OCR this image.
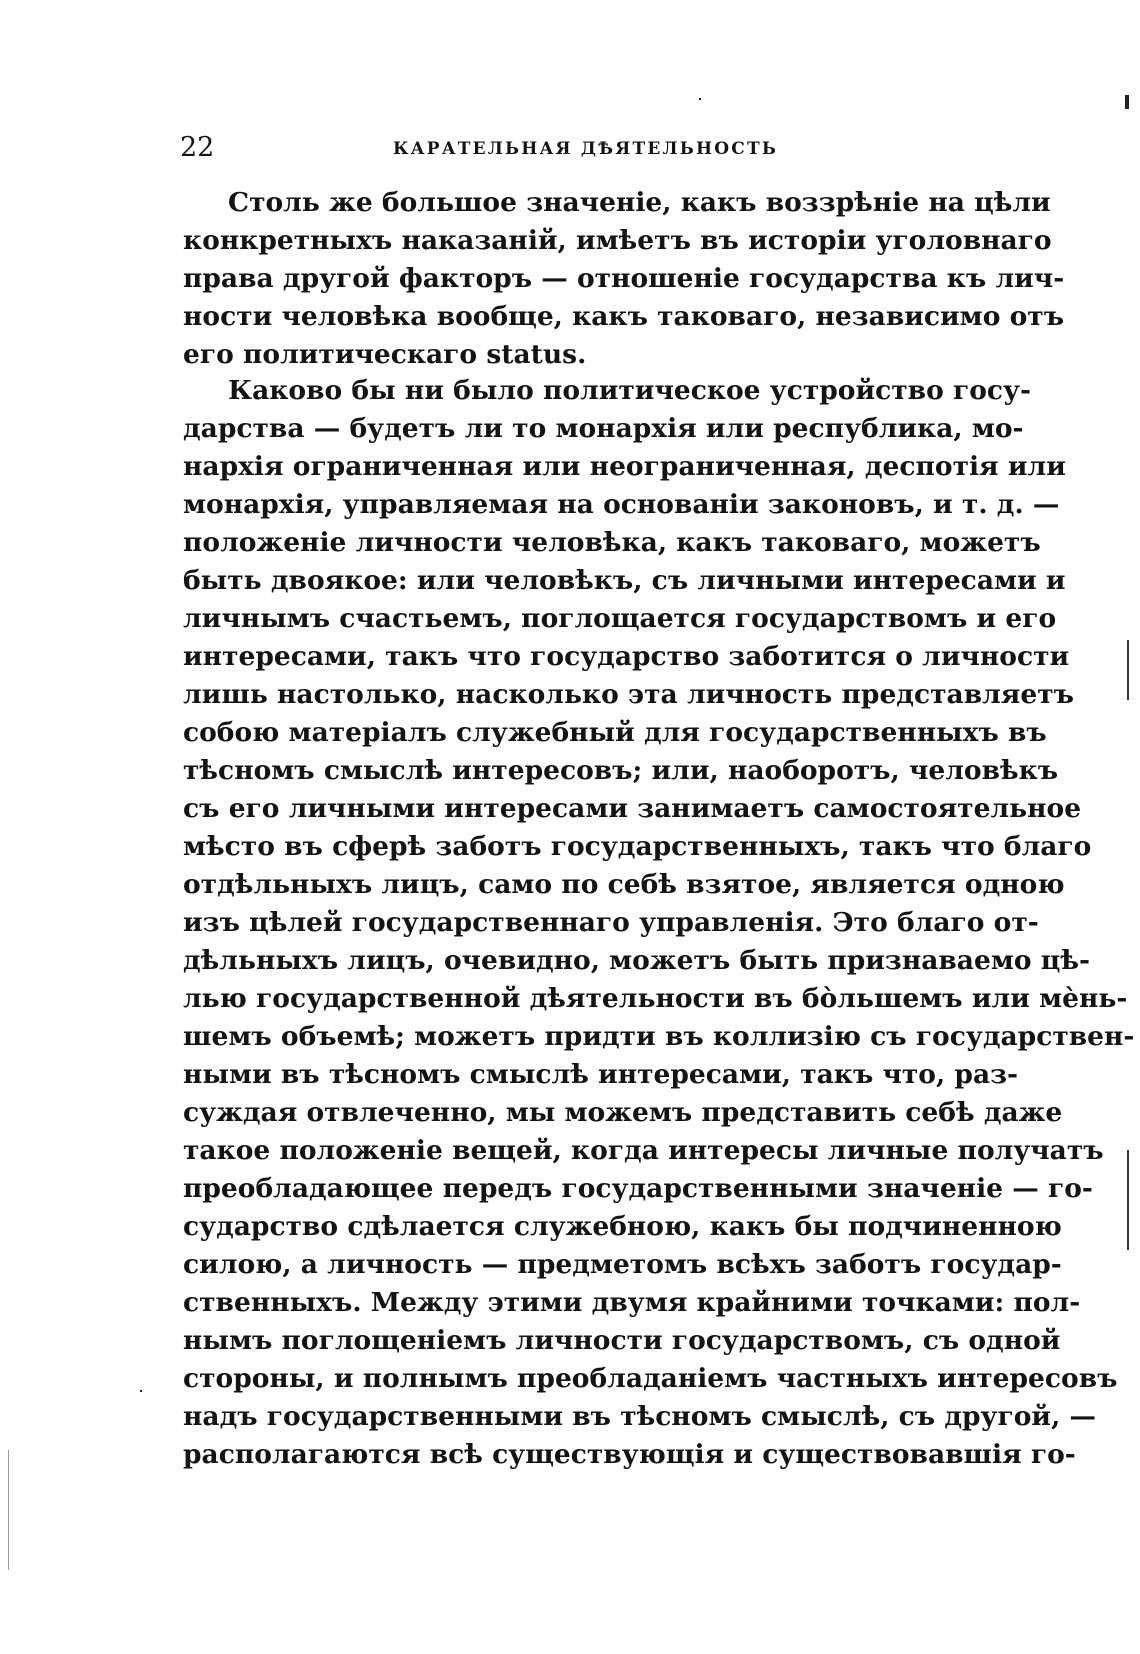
22	КАРАТЕЛЬНАЯ ДѢЯТЕЛЬНОСТЬ
Столь же большое значеніе, какъ воззрѣніе на цѣли
конкретныхъ наказаній, имѣетъ въ исторіи уголовнаго
права другой факторъ — отношеніе государства къ лич-
ности человѣка вообще, какъ таковаго, независимо отъ
его политическаго status.
Каково бы ни было политическое устройство госу-
дарства — будетъ ли то монархія или республика, мо-
нархія ограниченная или неограниченная, деспотія или
монархія, управляемая на основаніи законовъ, и т. д. —
положеніе личности человѣка, какъ таковаго, можетъ
быть двоякое: или человѣкъ, съ личными интересами и
личнымъ счастьемъ, поглощается государствомъ и его
интересами, такъ что государство заботится о личности
лишь настолько, насколько эта личность представляетъ
собою матеріалъ служебный для государственныхъ въ
тѣсномъ смыслѣ интересовъ; или, наоборотъ, человѣкъ
съ его личными интересами занимаетъ самостоятельное
мѣсто въ сферѣ заботъ государственныхъ, такъ что благо
отдѣльныхъ лицъ, само по себѣ взятое, является одною
изъ цѣлей государственнаго управленія. Это благо от-
дѣльныхъ лицъ, очевидно, можетъ быть признаваемо цѣ-
лью государственной дѣятельности въ бо̀льшемъ или мѐнь-
шемъ объемѣ; можетъ придти въ коллизію съ государствен-
ными въ тѣсномъ смыслѣ интересами, такъ что, раз-
суждая отвлеченно, мы можемъ представить себѣ даже
такое положеніе вещей, когда интересы личные получатъ
преобладающее передъ государственными значеніе — го-
сударство сдѣлается служебною, какъ бы подчиненною
силою, а личность — предметомъ всѣхъ заботъ государ-
ственныхъ. Между этими двумя крайними точками: пол-
нымъ поглощеніемъ личности государствомъ, съ одной
стороны, и полнымъ преобладаніемъ частныхъ интересовъ
надъ государственными въ тѣсномъ смыслѣ, съ другой, —
располагаются всѣ существующія и существовавшія го-
